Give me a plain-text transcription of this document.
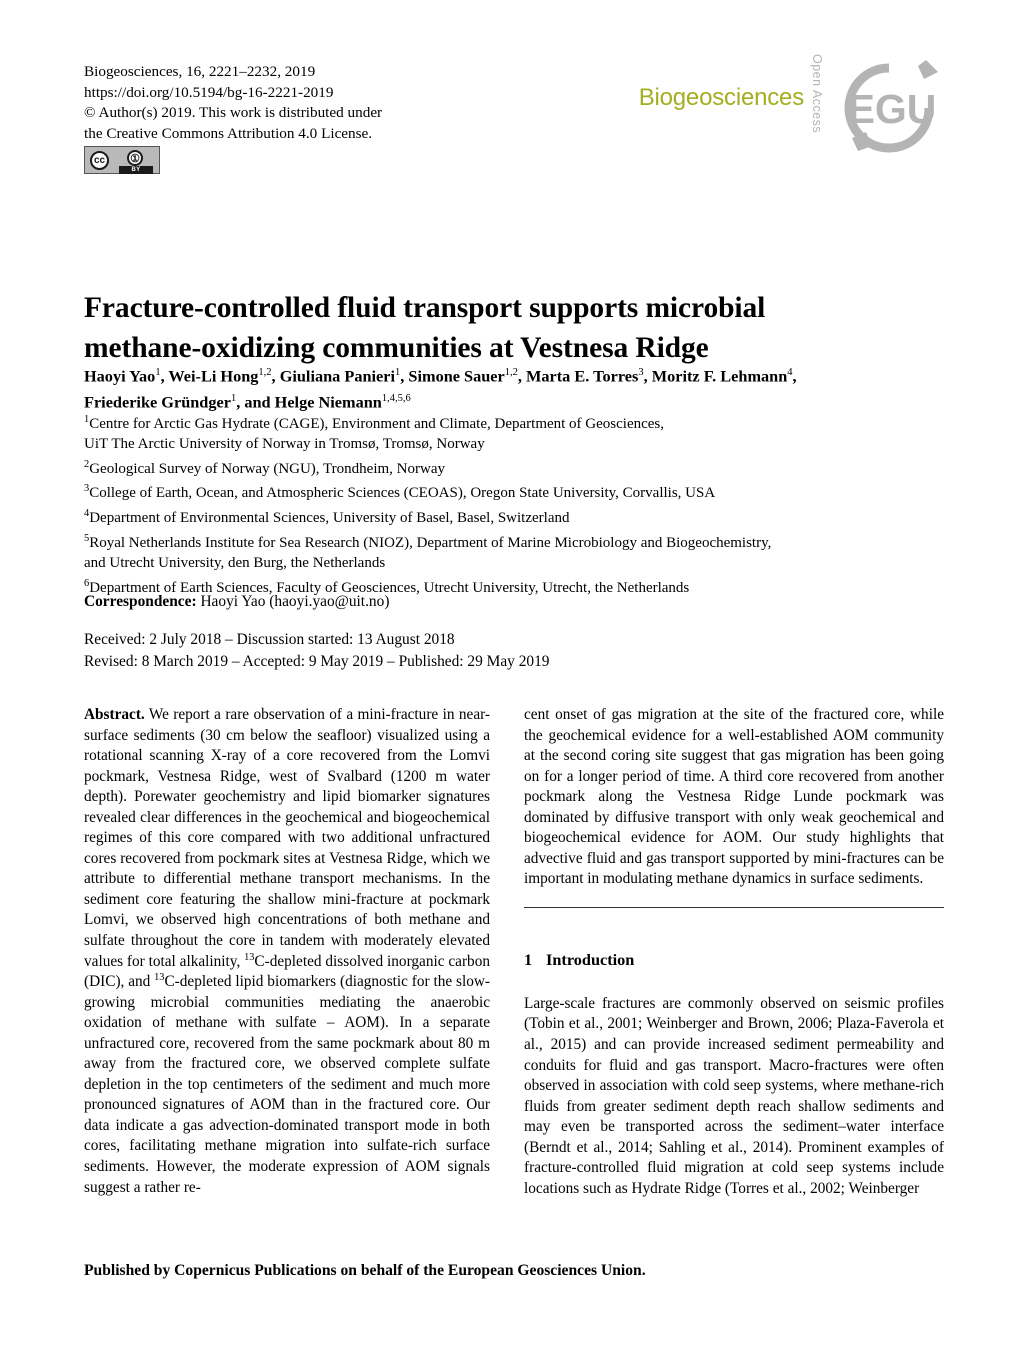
Biogeosciences, 16, 2221–2232, 2019
https://doi.org/10.5194/bg-16-2221-2019
© Author(s) 2019. This work is distributed under
the Creative Commons Attribution 4.0 License.
cc	①
BY
Biogeosciences Open Access EGU
Fracture-controlled fluid transport supports microbial
methane-oxidizing communities at Vestnesa Ridge
Haoyi Yao$^1$, Wei-Li Hong$^{1,2}$, Giuliana Panieri$^1$, Simone Sauer$^{1,2}$, Marta E. Torres$^3$, Moritz F. Lehmann$^4$,
Friederike Gründger$^1$, and Helge Niemann$^{1,4,5,6}$
$^1$Centre for Arctic Gas Hydrate (CAGE), Environment and Climate, Department of Geosciences,
UiT The Arctic University of Norway in Tromsø, Tromsø, Norway
$^2$Geological Survey of Norway (NGU), Trondheim, Norway
$^3$College of Earth, Ocean, and Atmospheric Sciences (CEOAS), Oregon State University, Corvallis, USA
$^4$Department of Environmental Sciences, University of Basel, Basel, Switzerland
$^5$Royal Netherlands Institute for Sea Research (NIOZ), Department of Marine Microbiology and Biogeochemistry,
and Utrecht University, den Burg, the Netherlands
$^6$Department of Earth Sciences, Faculty of Geosciences, Utrecht University, Utrecht, the Netherlands
Correspondence: Haoyi Yao (haoyi.yao@uit.no)
Received: 2 July 2018 – Discussion started: 13 August 2018
Revised: 8 March 2019 – Accepted: 9 May 2019 – Published: 29 May 2019
Abstract. We report a rare observation of a mini-fracture in near-surface sediments (30 cm below the seafloor) visualized using a rotational scanning X-ray of a core recovered from the Lomvi pockmark, Vestnesa Ridge, west of Svalbard (1200 m water depth). Porewater geochemistry and lipid biomarker signatures revealed clear differences in the geochemical and biogeochemical regimes of this core compared with two additional unfractured cores recovered from pockmark sites at Vestnesa Ridge, which we attribute to differential methane transport mechanisms. In the sediment core featuring the shallow mini-fracture at pockmark Lomvi, we observed high concentrations of both methane and sulfate throughout the core in tandem with moderately elevated values for total alkalinity, $^{13}$C-depleted dissolved inorganic carbon (DIC), and $^{13}$C-depleted lipid biomarkers (diagnostic for the slow-growing microbial communities mediating the anaerobic oxidation of methane with sulfate – AOM). In a separate unfractured core, recovered from the same pockmark about 80 m away from the fractured core, we observed complete sulfate depletion in the top centimeters of the sediment and much more pronounced signatures of AOM than in the fractured core. Our data indicate a gas advection-dominated transport mode in both cores, facilitating methane migration into sulfate-rich surface sediments. However, the moderate expression of AOM signals suggest a rather re-
cent onset of gas migration at the site of the fractured core, while the geochemical evidence for a well-established AOM community at the second coring site suggest that gas migration has been going on for a longer period of time. A third core recovered from another pockmark along the Vestnesa Ridge Lunde pockmark was dominated by diffusive transport with only weak geochemical and biogeochemical evidence for AOM. Our study highlights that advective fluid and gas transport supported by mini-fractures can be important in modulating methane dynamics in surface sediments.
1 Introduction
Large-scale fractures are commonly observed on seismic profiles (Tobin et al., 2001; Weinberger and Brown, 2006; Plaza-Faverola et al., 2015) and can provide increased sediment permeability and conduits for fluid and gas transport. Macro-fractures were often observed in association with cold seep systems, where methane-rich fluids from greater sediment depth reach shallow sediments and may even be transported across the sediment–water interface (Berndt et al., 2014; Sahling et al., 2014). Prominent examples of fracture-controlled fluid migration at cold seep systems include locations such as Hydrate Ridge (Torres et al., 2002; Weinberger
Published by Copernicus Publications on behalf of the European Geosciences Union.
